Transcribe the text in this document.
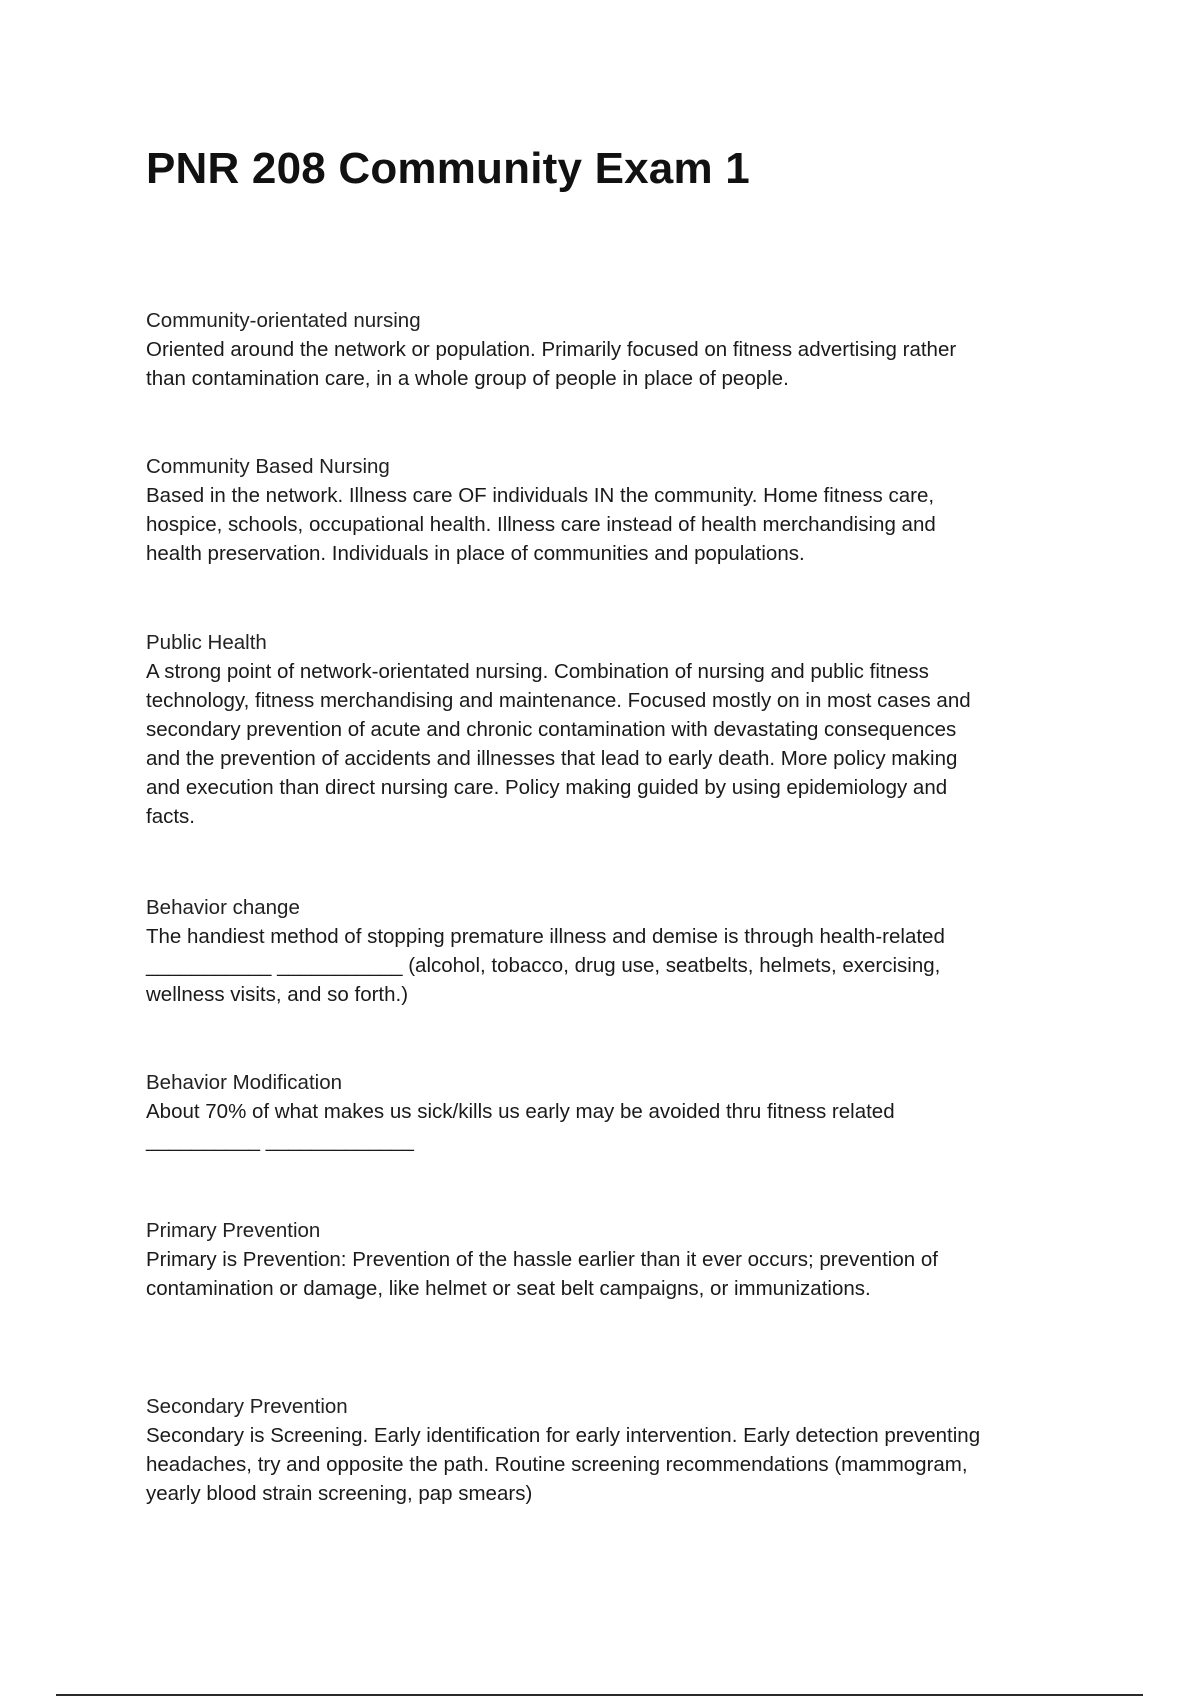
PNR 208 Community Exam 1

Community-orientated nursing

Oriented around the network or population. Primarily focused on fitness advertising rather
than contamination care, in a whole group of people in place of people.

Community Based Nursing

Based in the network. Illness care OF individuals IN the community. Home fitness care,
hospice, schools, occupational health. Illness care instead of health merchandising and
health preservation. Individuals in place of communities and populations.

Public Health

A strong point of network-orientated nursing. Combination of nursing and public fitness
technology, fitness merchandising and maintenance. Focused mostly on in most cases and
secondary prevention of acute and chronic contamination with devastating consequences
and the prevention of accidents and illnesses that lead to early death. More policy making
and execution than direct nursing care. Policy making guided by using epidemiology and
facts.

Behavior change

The handiest method of stopping premature illness and demise is through health-related
___________ ___________ (alcohol, tobacco, drug use, seatbelts, helmets, exercising,
wellness visits, and so forth.)

Behavior Modification

About 70% of what makes us sick/kills us early may be avoided thru fitness related
__________ _____________

Primary Prevention

Primary is Prevention: Prevention of the hassle earlier than it ever occurs; prevention of
contamination or damage, like helmet or seat belt campaigns, or immunizations.

Secondary Prevention

Secondary is Screening. Early identification for early intervention. Early detection preventing
headaches, try and opposite the path. Routine screening recommendations (mammogram,
yearly blood strain screening, pap smears)
